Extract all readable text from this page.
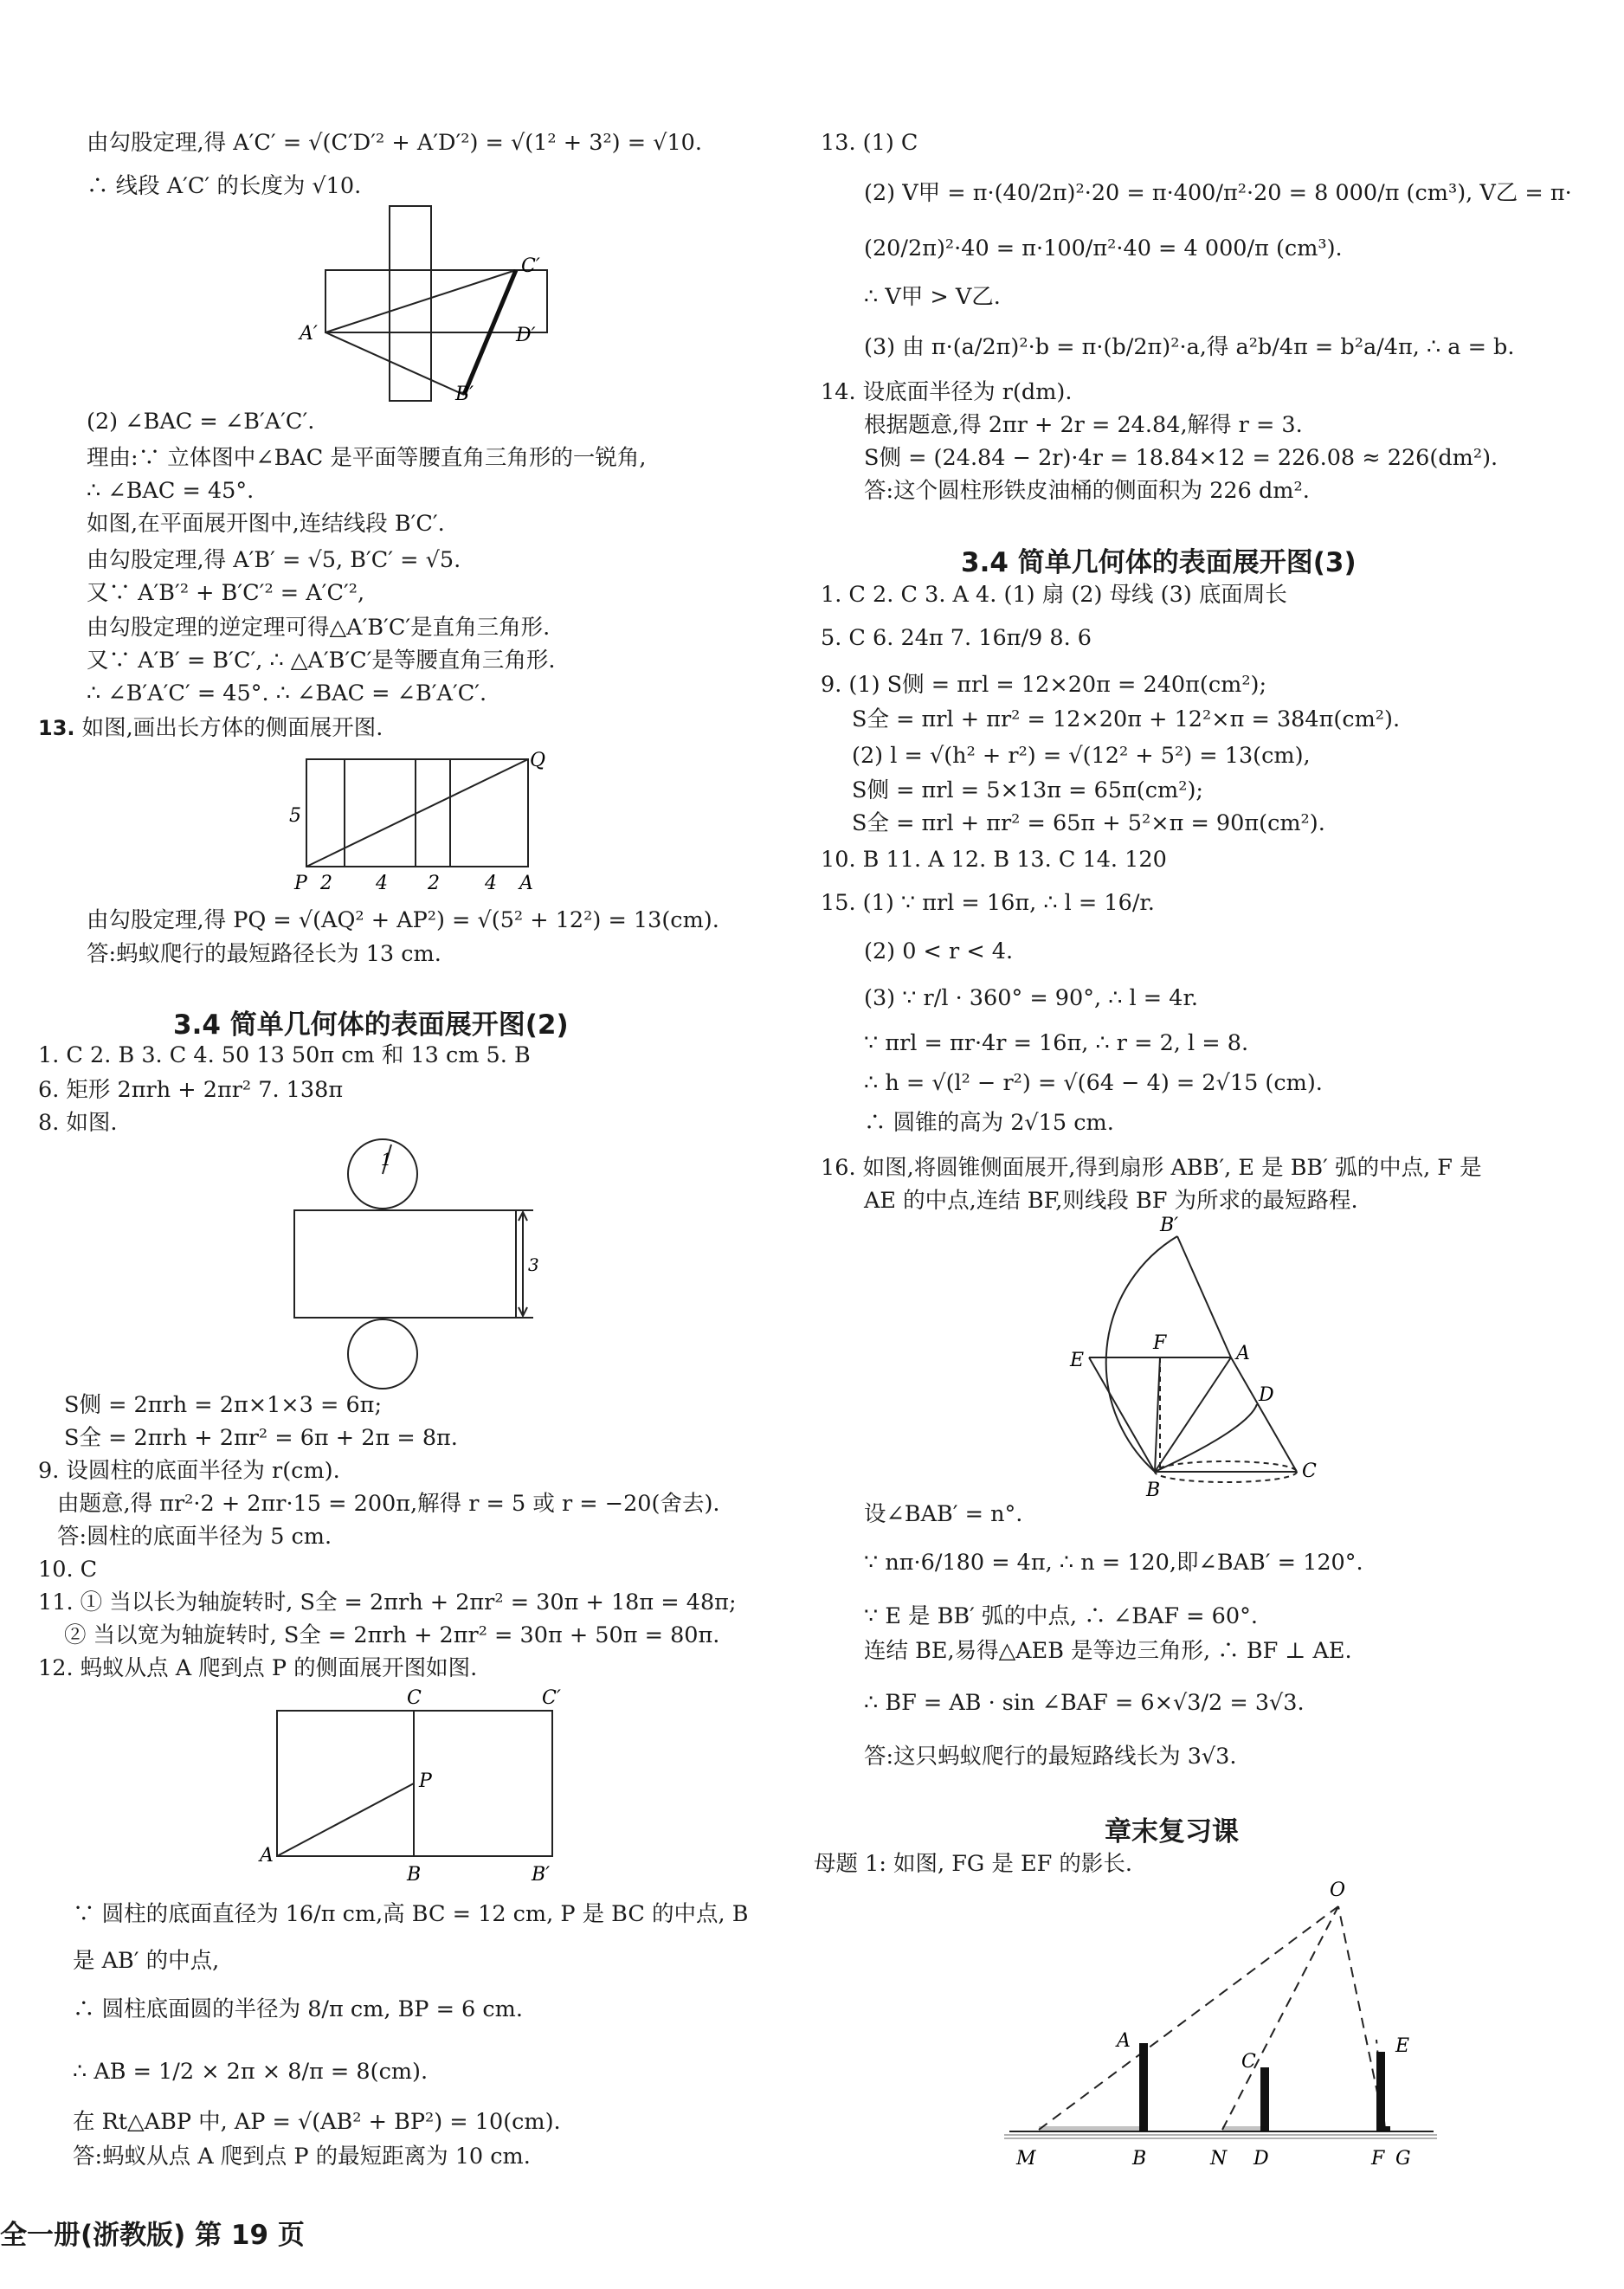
由勾股定理,得 A′C′ = √(C′D′² + A′D′²) = √(1² + 3²) = √10.
∴ 线段 A′C′ 的长度为 √10.
C′
A′	D′
B′
(2) ∠BAC = ∠B′A′C′.
理由:∵ 立体图中∠BAC 是平面等腰直角三角形的一锐角,
∴ ∠BAC = 45°.
如图,在平面展开图中,连结线段 B′C′.
由勾股定理,得 A′B′ = √5, B′C′ = √5.
又∵ A′B′² + B′C′² = A′C′²,
由勾股定理的逆定理可得△A′B′C′是直角三角形.
又∵ A′B′ = B′C′, ∴ △A′B′C′是等腰直角三角形.
∴ ∠B′A′C′ = 45°. ∴ ∠BAC = ∠B′A′C′.
13. 如图,画出长方体的侧面展开图.
Q
5
P 2 4 2 4 A
由勾股定理,得 PQ = √(AQ² + AP²) = √(5² + 12²) = 13(cm).
答:蚂蚁爬行的最短路径长为 13 cm.
3.4 简单几何体的表面展开图(2)
1. C 2. B 3. C 4. 50 13 50π cm 和 13 cm 5. B
6. 矩形 2πrh + 2πr² 7. 138π
8. 如图.
1
3
S侧 = 2πrh = 2π×1×3 = 6π;
S全 = 2πrh + 2πr² = 6π + 2π = 8π.
9. 设圆柱的底面半径为 r(cm).
由题意,得 πr²·2 + 2πr·15 = 200π,解得 r = 5 或 r = −20(舍去).
答:圆柱的底面半径为 5 cm.
10. C
11. ① 当以长为轴旋转时, S全 = 2πrh + 2πr² = 30π + 18π = 48π;
② 当以宽为轴旋转时, S全 = 2πrh + 2πr² = 30π + 50π = 80π.
12. 蚂蚁从点 A 爬到点 P 的侧面展开图如图.
C	C′
P
A
B	B′
∵ 圆柱的底面直径为 16/π cm,高 BC = 12 cm, P 是 BC 的中点, B
是 AB′ 的中点,
∴ 圆柱底面圆的半径为 8/π cm, BP = 6 cm.
∴ AB = 1/2 × 2π × 8/π = 8(cm).
在 Rt△ABP 中, AP = √(AB² + BP²) = 10(cm).
答:蚂蚁从点 A 爬到点 P 的最短距离为 10 cm.
13. (1) C
(2) V甲 = π·(40/2π)²·20 = π·400/π²·20 = 8 000/π (cm³), V乙 = π·
(20/2π)²·40 = π·100/π²·40 = 4 000/π (cm³).
∴ V甲 > V乙.
(3) 由 π·(a/2π)²·b = π·(b/2π)²·a,得 a²b/4π = b²a/4π, ∴ a = b.
14. 设底面半径为 r(dm).
根据题意,得 2πr + 2r = 24.84,解得 r = 3.
S侧 = (24.84 − 2r)·4r = 18.84×12 = 226.08 ≈ 226(dm²).
答:这个圆柱形铁皮油桶的侧面积为 226 dm².
3.4 简单几何体的表面展开图(3)
1. C 2. C 3. A 4. (1) 扇 (2) 母线 (3) 底面周长
5. C 6. 24π 7. 16π/9 8. 6
9. (1) S侧 = πrl = 12×20π = 240π(cm²);
S全 = πrl + πr² = 12×20π + 12²×π = 384π(cm²).
(2) l = √(h² + r²) = √(12² + 5²) = 13(cm),
S侧 = πrl = 5×13π = 65π(cm²);
S全 = πrl + πr² = 65π + 5²×π = 90π(cm²).
10. B 11. A 12. B 13. C 14. 120
15. (1) ∵ πrl = 16π, ∴ l = 16/r.
(2) 0 < r < 4.
(3) ∵ r/l · 360° = 90°, ∴ l = 4r.
∵ πrl = πr·4r = 16π, ∴ r = 2, l = 8.
∴ h = √(l² − r²) = √(64 − 4) = 2√15 (cm).
∴ 圆锥的高为 2√15 cm.
16. 如图,将圆锥侧面展开,得到扇形 ABB′, E 是 BB′ 弧的中点, F 是
AE 的中点,连结 BF,则线段 BF 为所求的最短路程.
B′
E
F	A
D
C
B
设∠BAB′ = n°.
∵ nπ·6/180 = 4π, ∴ n = 120,即∠BAB′ = 120°.
∵ E 是 BB′ 弧的中点, ∴ ∠BAF = 60°.
连结 BE,易得△AEB 是等边三角形, ∴ BF ⊥ AE.
∴ BF = AB · sin ∠BAF = 6×√3/2 = 3√3.
答:这只蚂蚁爬行的最短路线长为 3√3.
章末复习课
母题 1: 如图, FG 是 EF 的影长.
O
A
C
E
M	B	N D	F G
全一册(浙教版) 第 19 页
